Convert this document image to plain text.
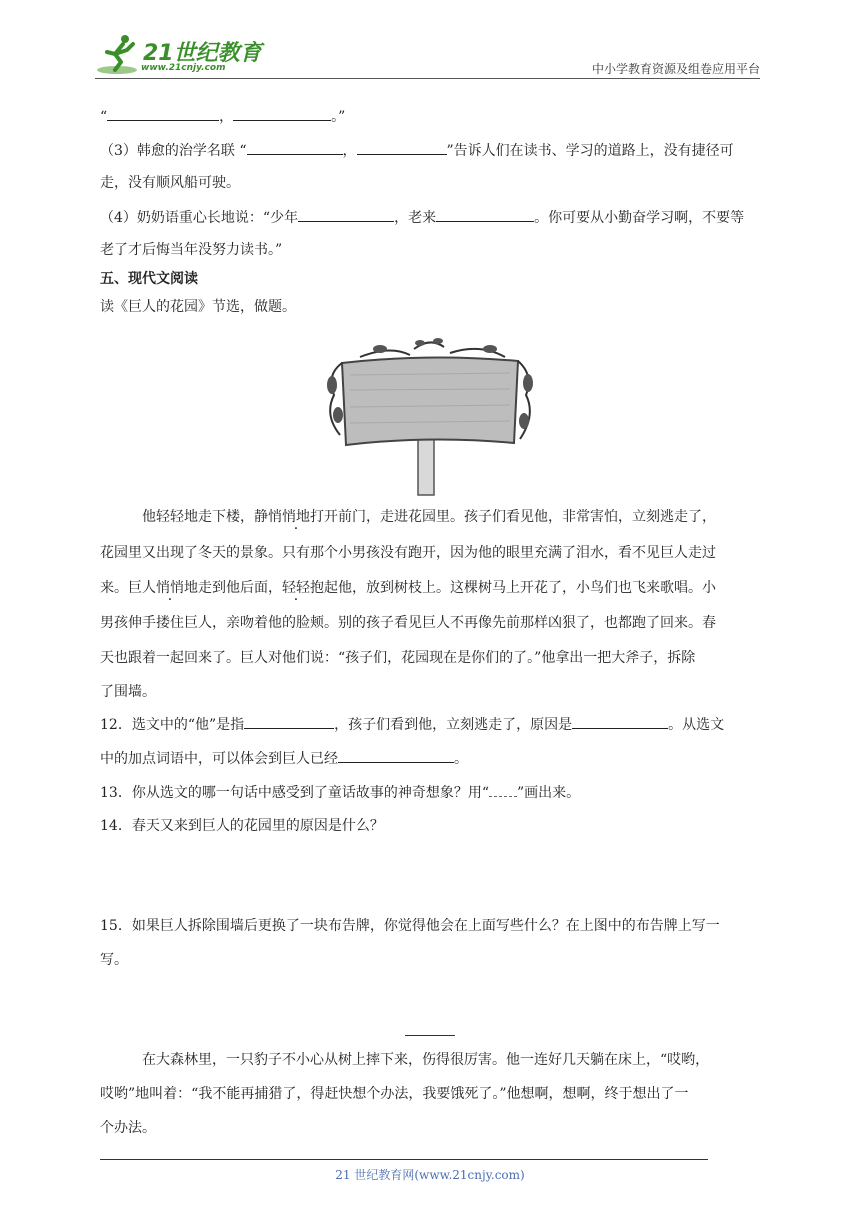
21世纪教育
www.21cnjy.com	中小学教育资源及组卷应用平台
“	，	。”
（3）韩愈的治学名联 “	，	”告诉人们在读书、学习的道路上，没有捷径可
走，没有顺风船可驶。
（4）奶奶语重心长地说：“少年	，老来	。你可要从小勤奋学习啊，不要等
老了才后悔当年没努力读书。”
五、现代文阅读
读《巨人的花园》节选，做题。
他轻轻地走下楼，静悄悄地打开前门，走进花园里。孩子们看见他，非常害怕，立刻逃走了，
花园里又出现了冬天的景象。只有那个小男孩没有跑开，因为他的眼里充满了泪水，看不见巨人走过
来。巨人悄悄地走到他后面，轻轻抱起他，放到树枝上。这棵树马上开花了，小鸟们也飞来歌唱。小
男孩伸手搂住巨人，亲吻着他的脸颊。别的孩子看见巨人不再像先前那样凶狠了，也都跑了回来。春
天也跟着一起回来了。巨人对他们说：“孩子们，花园现在是你们的了。”他拿出一把大斧子，拆除
了围墙。
12．选文中的“他”是指	，孩子们看到他，立刻逃走了，原因是	。从选文
中的加点词语中，可以体会到巨人已经	。
13．你从选文的哪一句话中感受到了童话故事的神奇想象？用“ ”画出来。
14．春天又来到巨人的花园里的原因是什么？
15．如果巨人拆除围墙后更换了一块布告牌，你觉得他会在上面写些什么？在上图中的布告牌上写一
写。
在大森林里，一只豹子不小心从树上摔下来，伤得很厉害。他一连好几天躺在床上，“哎哟，
哎哟”地叫着：“我不能再捕猎了，得赶快想个办法，我要饿死了。”他想啊，想啊，终于想出了一
个办法。
21 世纪教育网(www.21cnjy.com)
